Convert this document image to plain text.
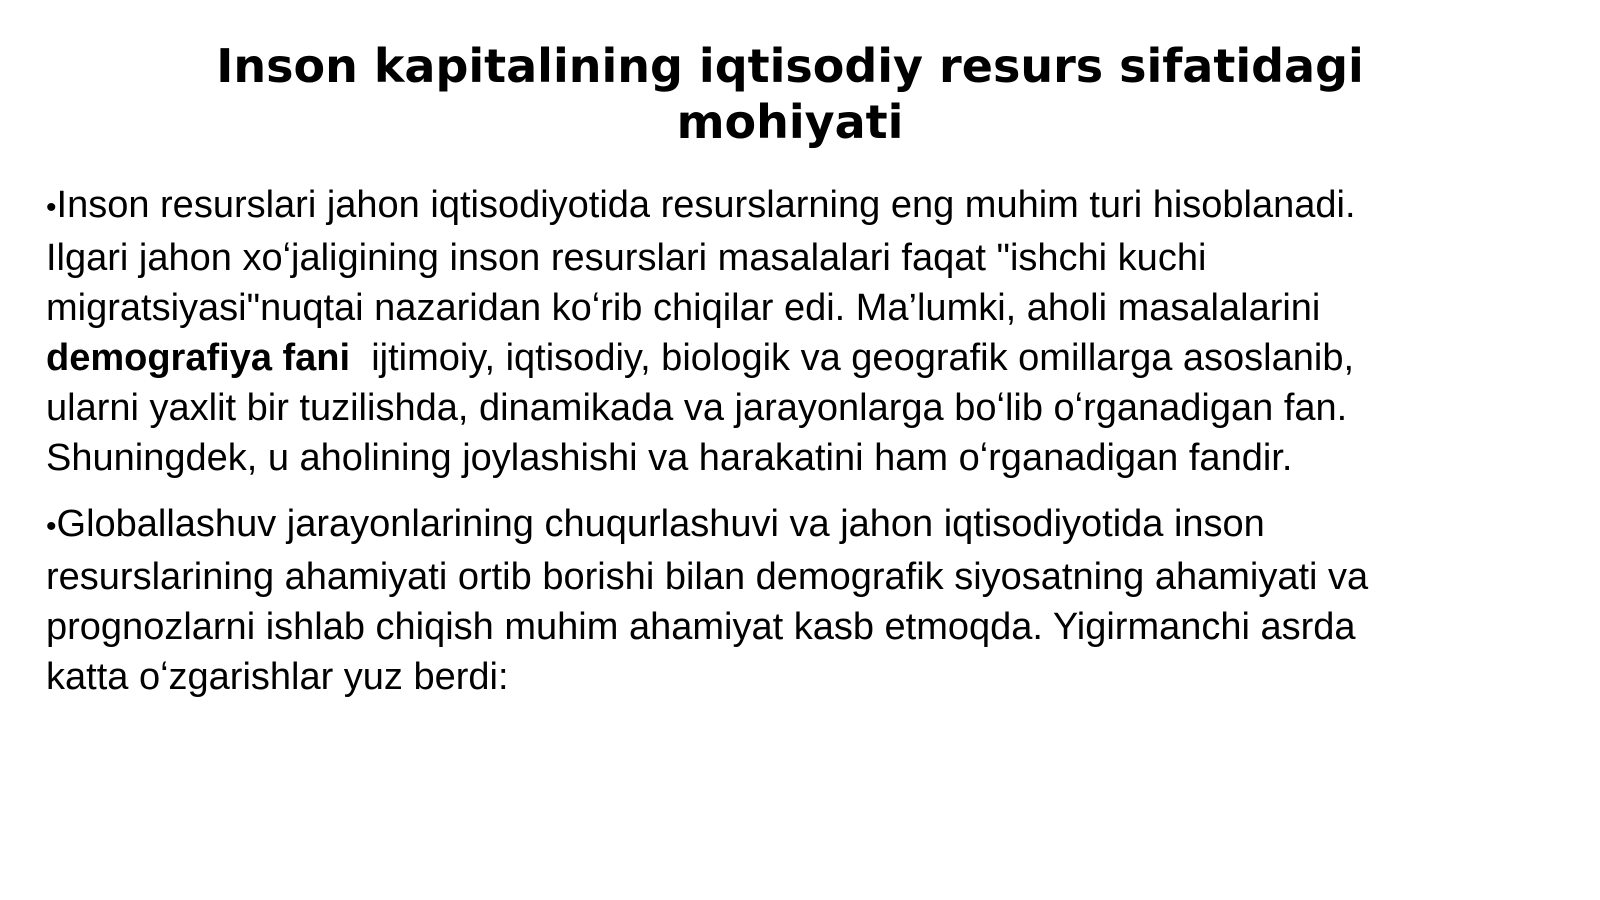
Inson kapitalining iqtisodiy resurs sifatidagi
mohiyati

•Inson resurslari jahon iqtisodiyotida resurslarning eng muhim turi hisoblanadi.
Ilgari jahon xoʻjaligining inson resurslari masalalari faqat "ishchi kuchi
migratsiyasi"nuqtai nazaridan koʻrib chiqilar edi. Ma’lumki, aholi masalalarini
demografiya fani  ijtimoiy, iqtisodiy, biologik va geografik omillarga asoslanib,
ularni yaxlit bir tuzilishda, dinamikada va jarayonlarga boʻlib oʻrganadigan fan.
Shuningdek, u aholining joylashishi va harakatini ham oʻrganadigan fandir.

•Globallashuv jarayonlarining chuqurlashuvi va jahon iqtisodiyotida inson
resurslarining ahamiyati ortib borishi bilan demografik siyosatning ahamiyati va
prognozlarni ishlab chiqish muhim ahamiyat kasb etmoqda. Yigirmanchi asrda
katta oʻzgarishlar yuz berdi:
